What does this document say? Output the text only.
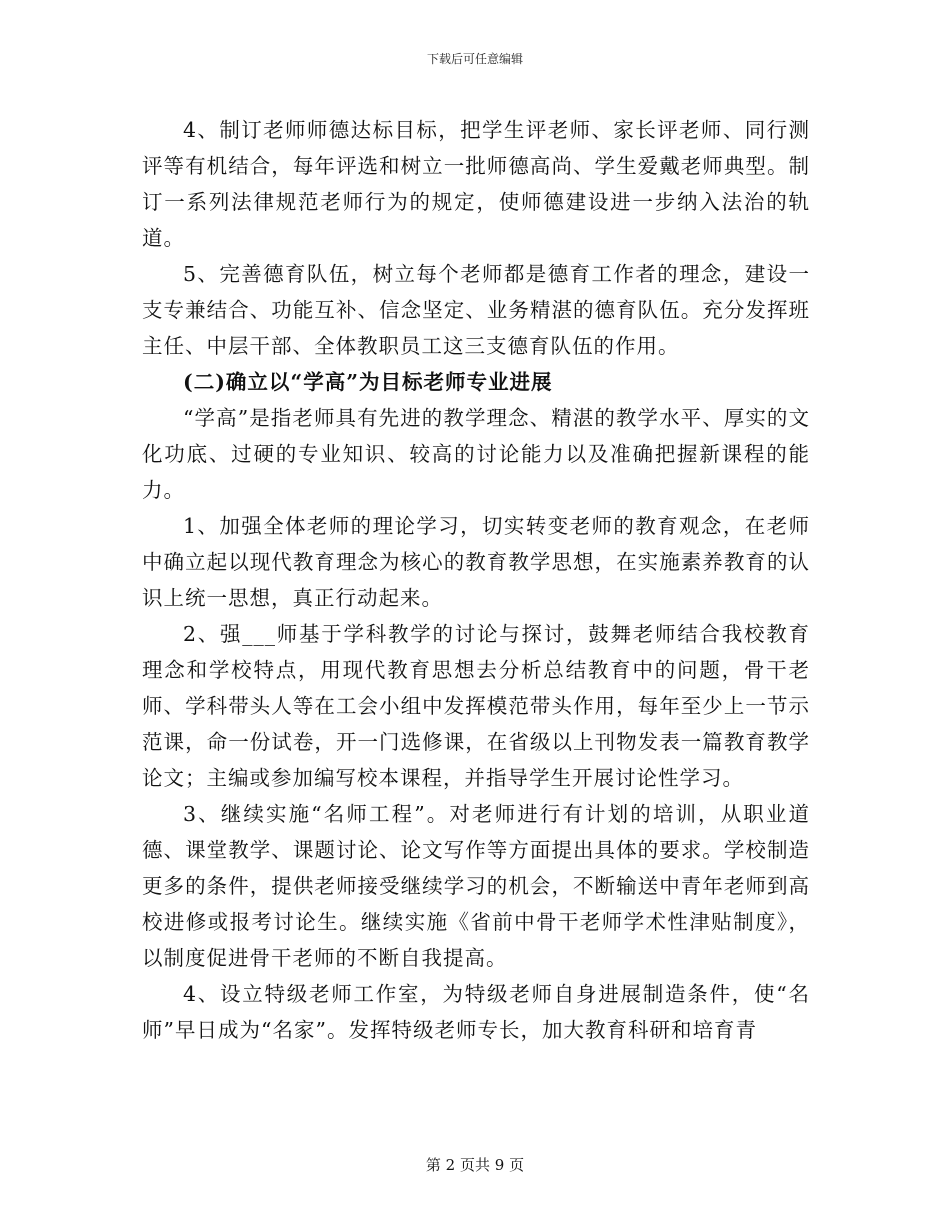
下载后可任意编辑

4、制订老师师德达标目标，把学生评老师、家长评老师、同行测评等有机结合，每年评选和树立一批师德高尚、学生爱戴老师典型。制订一系列法律规范老师行为的规定，使师德建设进一步纳入法治的轨道。

5、完善德育队伍，树立每个老师都是德育工作者的理念，建设一支专兼结合、功能互补、信念坚定、业务精湛的德育队伍。充分发挥班主任、中层干部、全体教职员工这三支德育队伍的作用。

(二)确立以“学高”为目标老师专业进展

“学高”是指老师具有先进的教学理念、精湛的教学水平、厚实的文化功底、过硬的专业知识、较高的讨论能力以及准确把握新课程的能力。

1、加强全体老师的理论学习，切实转变老师的教育观念，在老师中确立起以现代教育理念为核心的教育教学思想，在实施素养教育的认识上统一思想，真正行动起来。

2、强___师基于学科教学的讨论与探讨，鼓舞老师结合我校教育理念和学校特点，用现代教育思想去分析总结教育中的问题，骨干老师、学科带头人等在工会小组中发挥模范带头作用，每年至少上一节示范课，命一份试卷，开一门选修课，在省级以上刊物发表一篇教育教学论文；主编或参加编写校本课程，并指导学生开展讨论性学习。

3、继续实施“名师工程”。对老师进行有计划的培训，从职业道德、课堂教学、课题讨论、论文写作等方面提出具体的要求。学校制造更多的条件，提供老师接受继续学习的机会，不断输送中青年老师到高校进修或报考讨论生。继续实施《省前中骨干老师学术性津贴制度》，以制度促进骨干老师的不断自我提高。

4、设立特级老师工作室，为特级老师自身进展制造条件，使“名师”早日成为“名家”。发挥特级老师专长，加大教育科研和培育青

第 2 页共 9 页
